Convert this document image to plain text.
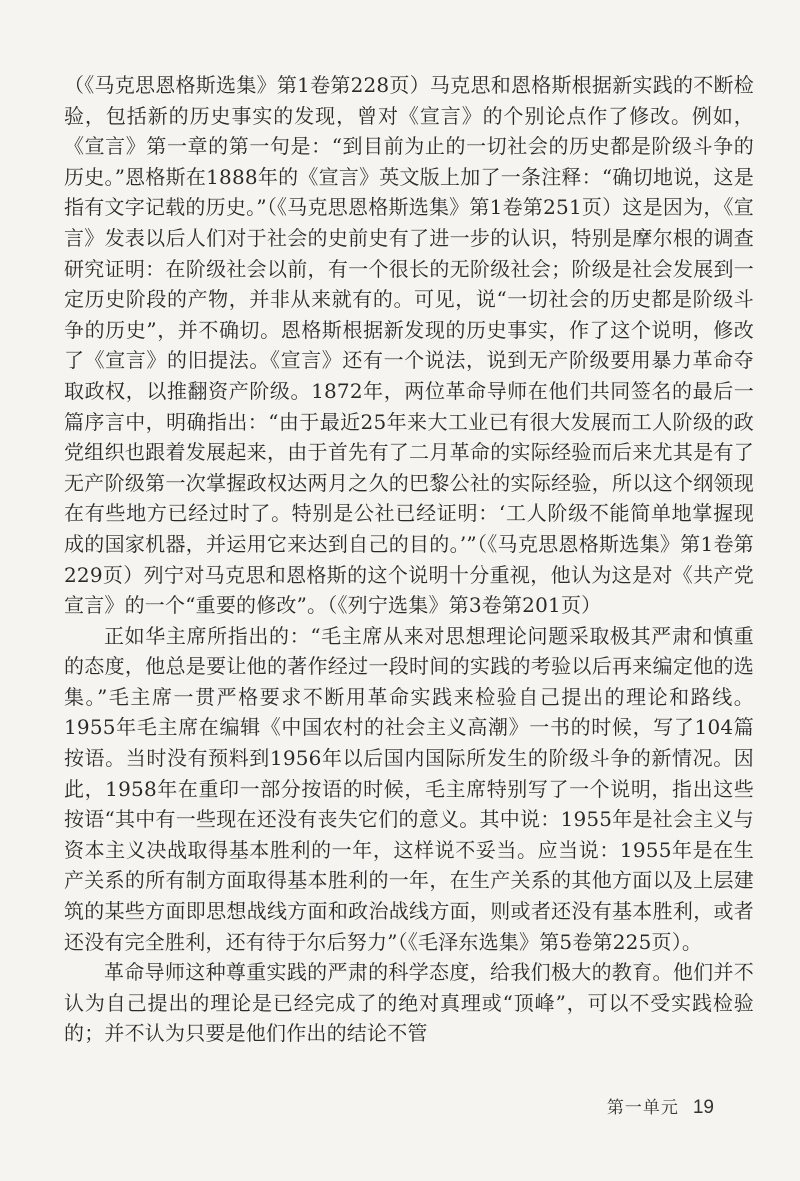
（《马克思恩格斯选集》第1卷第228页）马克思和恩格斯根据新实践的不断检验，包括新的历史事实的发现，曾对《宣言》的个别论点作了修改。例如，《宣言》第一章的第一句是：“到目前为止的一切社会的历史都是阶级斗争的历史。”恩格斯在1888年的《宣言》英文版上加了一条注释：“确切地说，这是指有文字记载的历史。”（《马克思恩格斯选集》第1卷第251页）这是因为，《宣言》发表以后人们对于社会的史前史有了进一步的认识，特别是摩尔根的调查研究证明：在阶级社会以前，有一个很长的无阶级社会；阶级是社会发展到一定历史阶段的产物，并非从来就有的。可见，说“一切社会的历史都是阶级斗争的历史”，并不确切。恩格斯根据新发现的历史事实，作了这个说明，修改了《宣言》的旧提法。《宣言》还有一个说法，说到无产阶级要用暴力革命夺取政权，以推翻资产阶级。1872年，两位革命导师在他们共同签名的最后一篇序言中，明确指出：“由于最近25年来大工业已有很大发展而工人阶级的政党组织也跟着发展起来，由于首先有了二月革命的实际经验而后来尤其是有了无产阶级第一次掌握政权达两月之久的巴黎公社的实际经验，所以这个纲领现在有些地方已经过时了。特别是公社已经证明：‘工人阶级不能简单地掌握现成的国家机器，并运用它来达到自己的目的。’”（《马克思恩格斯选集》第1卷第229页）列宁对马克思和恩格斯的这个说明十分重视，他认为这是对《共产党宣言》的一个“重要的修改”。（《列宁选集》第3卷第201页）

正如华主席所指出的：“毛主席从来对思想理论问题采取极其严肃和慎重的态度，他总是要让他的著作经过一段时间的实践的考验以后再来编定他的选集。”毛主席一贯严格要求不断用革命实践来检验自己提出的理论和路线。1955年毛主席在编辑《中国农村的社会主义高潮》一书的时候，写了104篇按语。当时没有预料到1956年以后国内国际所发生的阶级斗争的新情况。因此，1958年在重印一部分按语的时候，毛主席特别写了一个说明，指出这些按语“其中有一些现在还没有丧失它们的意义。其中说：1955年是社会主义与资本主义决战取得基本胜利的一年，这样说不妥当。应当说：1955年是在生产关系的所有制方面取得基本胜利的一年，在生产关系的其他方面以及上层建筑的某些方面即思想战线方面和政治战线方面，则或者还没有基本胜利，或者还没有完全胜利，还有待于尔后努力”（《毛泽东选集》第5卷第225页）。

革命导师这种尊重实践的严肃的科学态度，给我们极大的教育。他们并不认为自己提出的理论是已经完成了的绝对真理或“顶峰”，可以不受实践检验的；并不认为只要是他们作出的结论不管

第一单元 19
